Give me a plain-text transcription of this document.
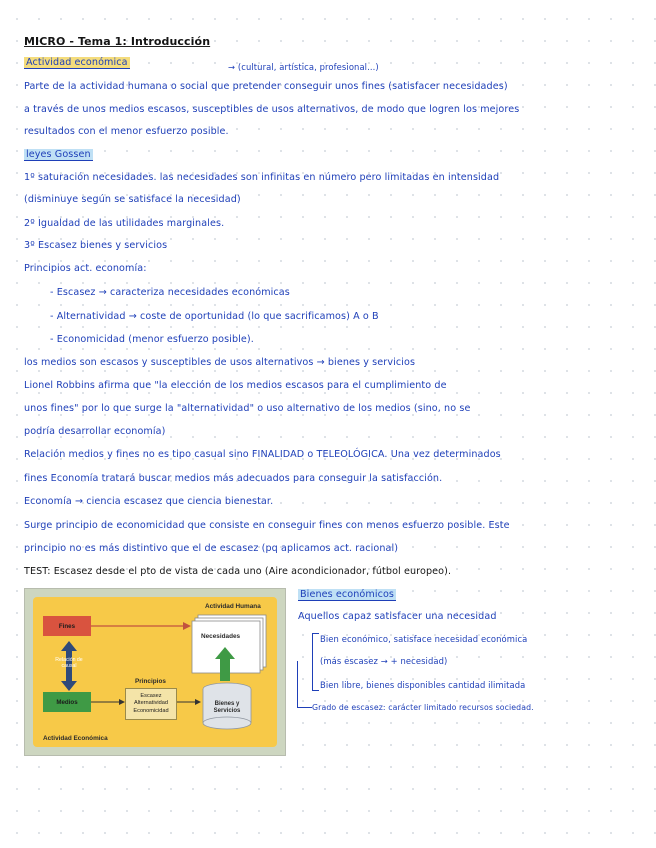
MICRO - Tema 1: Introducción
Actividad económica	→ (cultural, artística, profesional...)
Parte de la actividad humana o social que pretender conseguir unos fines (satisfacer necesidades)
a través de unos medios escasos, susceptibles de usos alternativos, de modo que logren los mejores
resultados con el menor esfuerzo posible.
leyes Gossen
1º saturación necesidades. las necesidades son infinitas en número pero limitadas en intensidad
(disminuye según se satisface la necesidad)
2º Igualdad de las utilidades marginales.
3º Escasez bienes y servicios
Principios act. economía:
- Escasez → caracteriza necesidades económicas
- Alternatividad → coste de oportunidad (lo que sacrificamos) A o B
- Economicidad (menor esfuerzo posible).
los medios son escasos y susceptibles de usos alternativos → bienes y servicios
Lionel Robbins afirma que "la elección de los medios escasos para el cumplimiento de
unos fines" por lo que surge la "alternatividad" o uso alternativo de los medios (sino, no se
podría desarrollar economía)
Relación medios y fines no es tipo casual sino FINALIDAD o TELEOLÓGICA. Una vez determinados
fines Economía tratará buscar medios más adecuados para conseguir la satisfacción.
Economía → ciencia escasez que ciencia bienestar.
Surge principio de economicidad que consiste en conseguir fines con menos esfuerzo posible. Este
principio no es más distintivo que el de escasez (pq aplicamos act. racional)
TEST: Escasez desde el pto de vista de cada uno (Aire acondicionador, fútbol europeo).
Bienes económicos
Aquellos capaz satisfacer una necesidad
Bien económico, satisface necesidad económica
(más escasez → + necesidad)
Bien libre, bienes disponibles cantidad ilimitada
Grado de escasez: carácter limitado recursos sociedad.
Fines
Medios
Actividad Humana
Necesidades
Relación de causal	Utilizar
Principios
Escasez
Alternatividad
Economicidad
Bienes y Servicios
Actividad Económica
